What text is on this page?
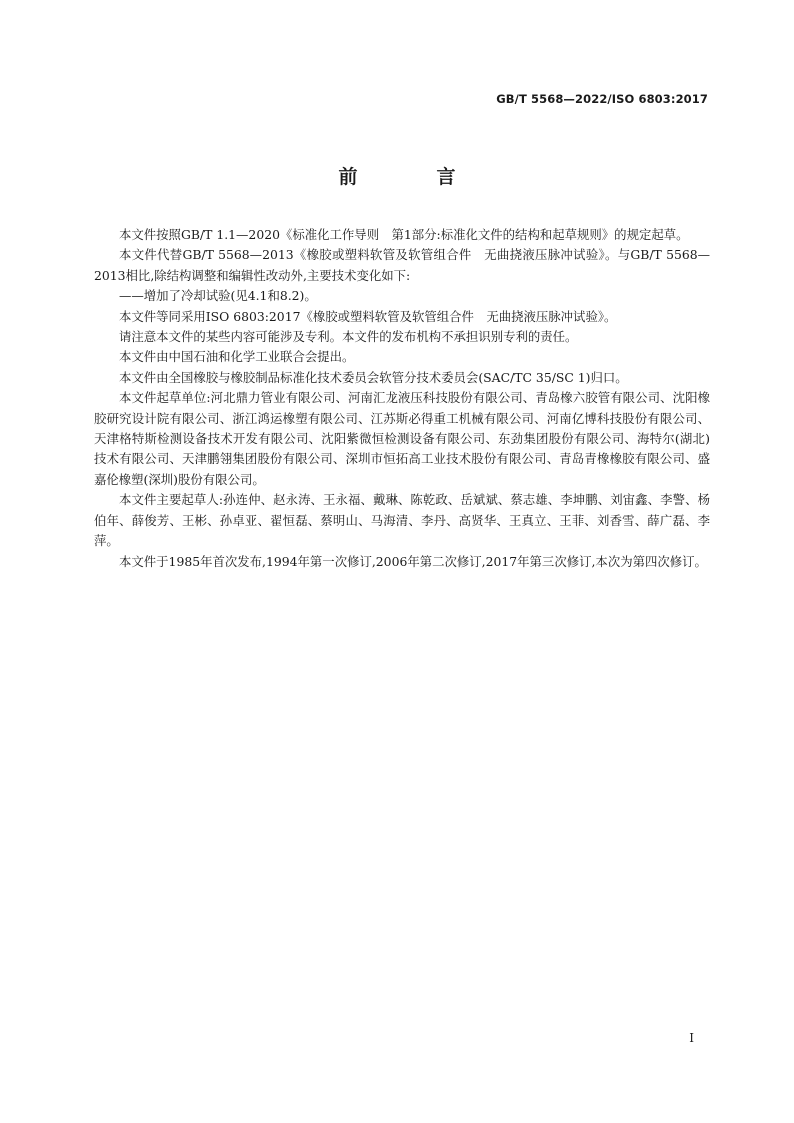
GB/T 5568—2022/ISO 6803:2017
前　言

本文件按照GB/T 1.1—2020《标准化工作导则　第1部分:标准化文件的结构和起草规则》的规定起草。

本文件代替GB/T 5568—2013《橡胶或塑料软管及软管组合件　无曲挠液压脉冲试验》。与GB/T 5568—2013相比,除结构调整和编辑性改动外,主要技术变化如下:

——增加了冷却试验(见4.1和8.2)。

本文件等同采用ISO 6803:2017《橡胶或塑料软管及软管组合件　无曲挠液压脉冲试验》。

请注意本文件的某些内容可能涉及专利。本文件的发布机构不承担识别专利的责任。

本文件由中国石油和化学工业联合会提出。

本文件由全国橡胶与橡胶制品标准化技术委员会软管分技术委员会(SAC/TC 35/SC 1)归口。

本文件起草单位:河北鼎力管业有限公司、河南汇龙液压科技股份有限公司、青岛橡六胶管有限公司、沈阳橡胶研究设计院有限公司、浙江鸿运橡塑有限公司、江苏斯必得重工机械有限公司、河南亿博科技股份有限公司、天津格特斯检测设备技术开发有限公司、沈阳紫微恒检测设备有限公司、东劲集团股份有限公司、海特尔(湖北)技术有限公司、天津鹏翎集团股份有限公司、深圳市恒拓高工业技术股份有限公司、青岛青橡橡胶有限公司、盛嘉伦橡塑(深圳)股份有限公司。

本文件主要起草人:孙连仲、赵永涛、王永福、戴琳、陈乾政、岳斌斌、蔡志雄、李坤鹏、刘宙鑫、李警、杨伯年、薛俊芳、王彬、孙卓亚、翟恒磊、蔡明山、马海清、李丹、高贤华、王真立、王菲、刘香雪、薛广磊、李萍。

本文件于1985年首次发布,1994年第一次修订,2006年第二次修订,2017年第三次修订,本次为第四次修订。

I
